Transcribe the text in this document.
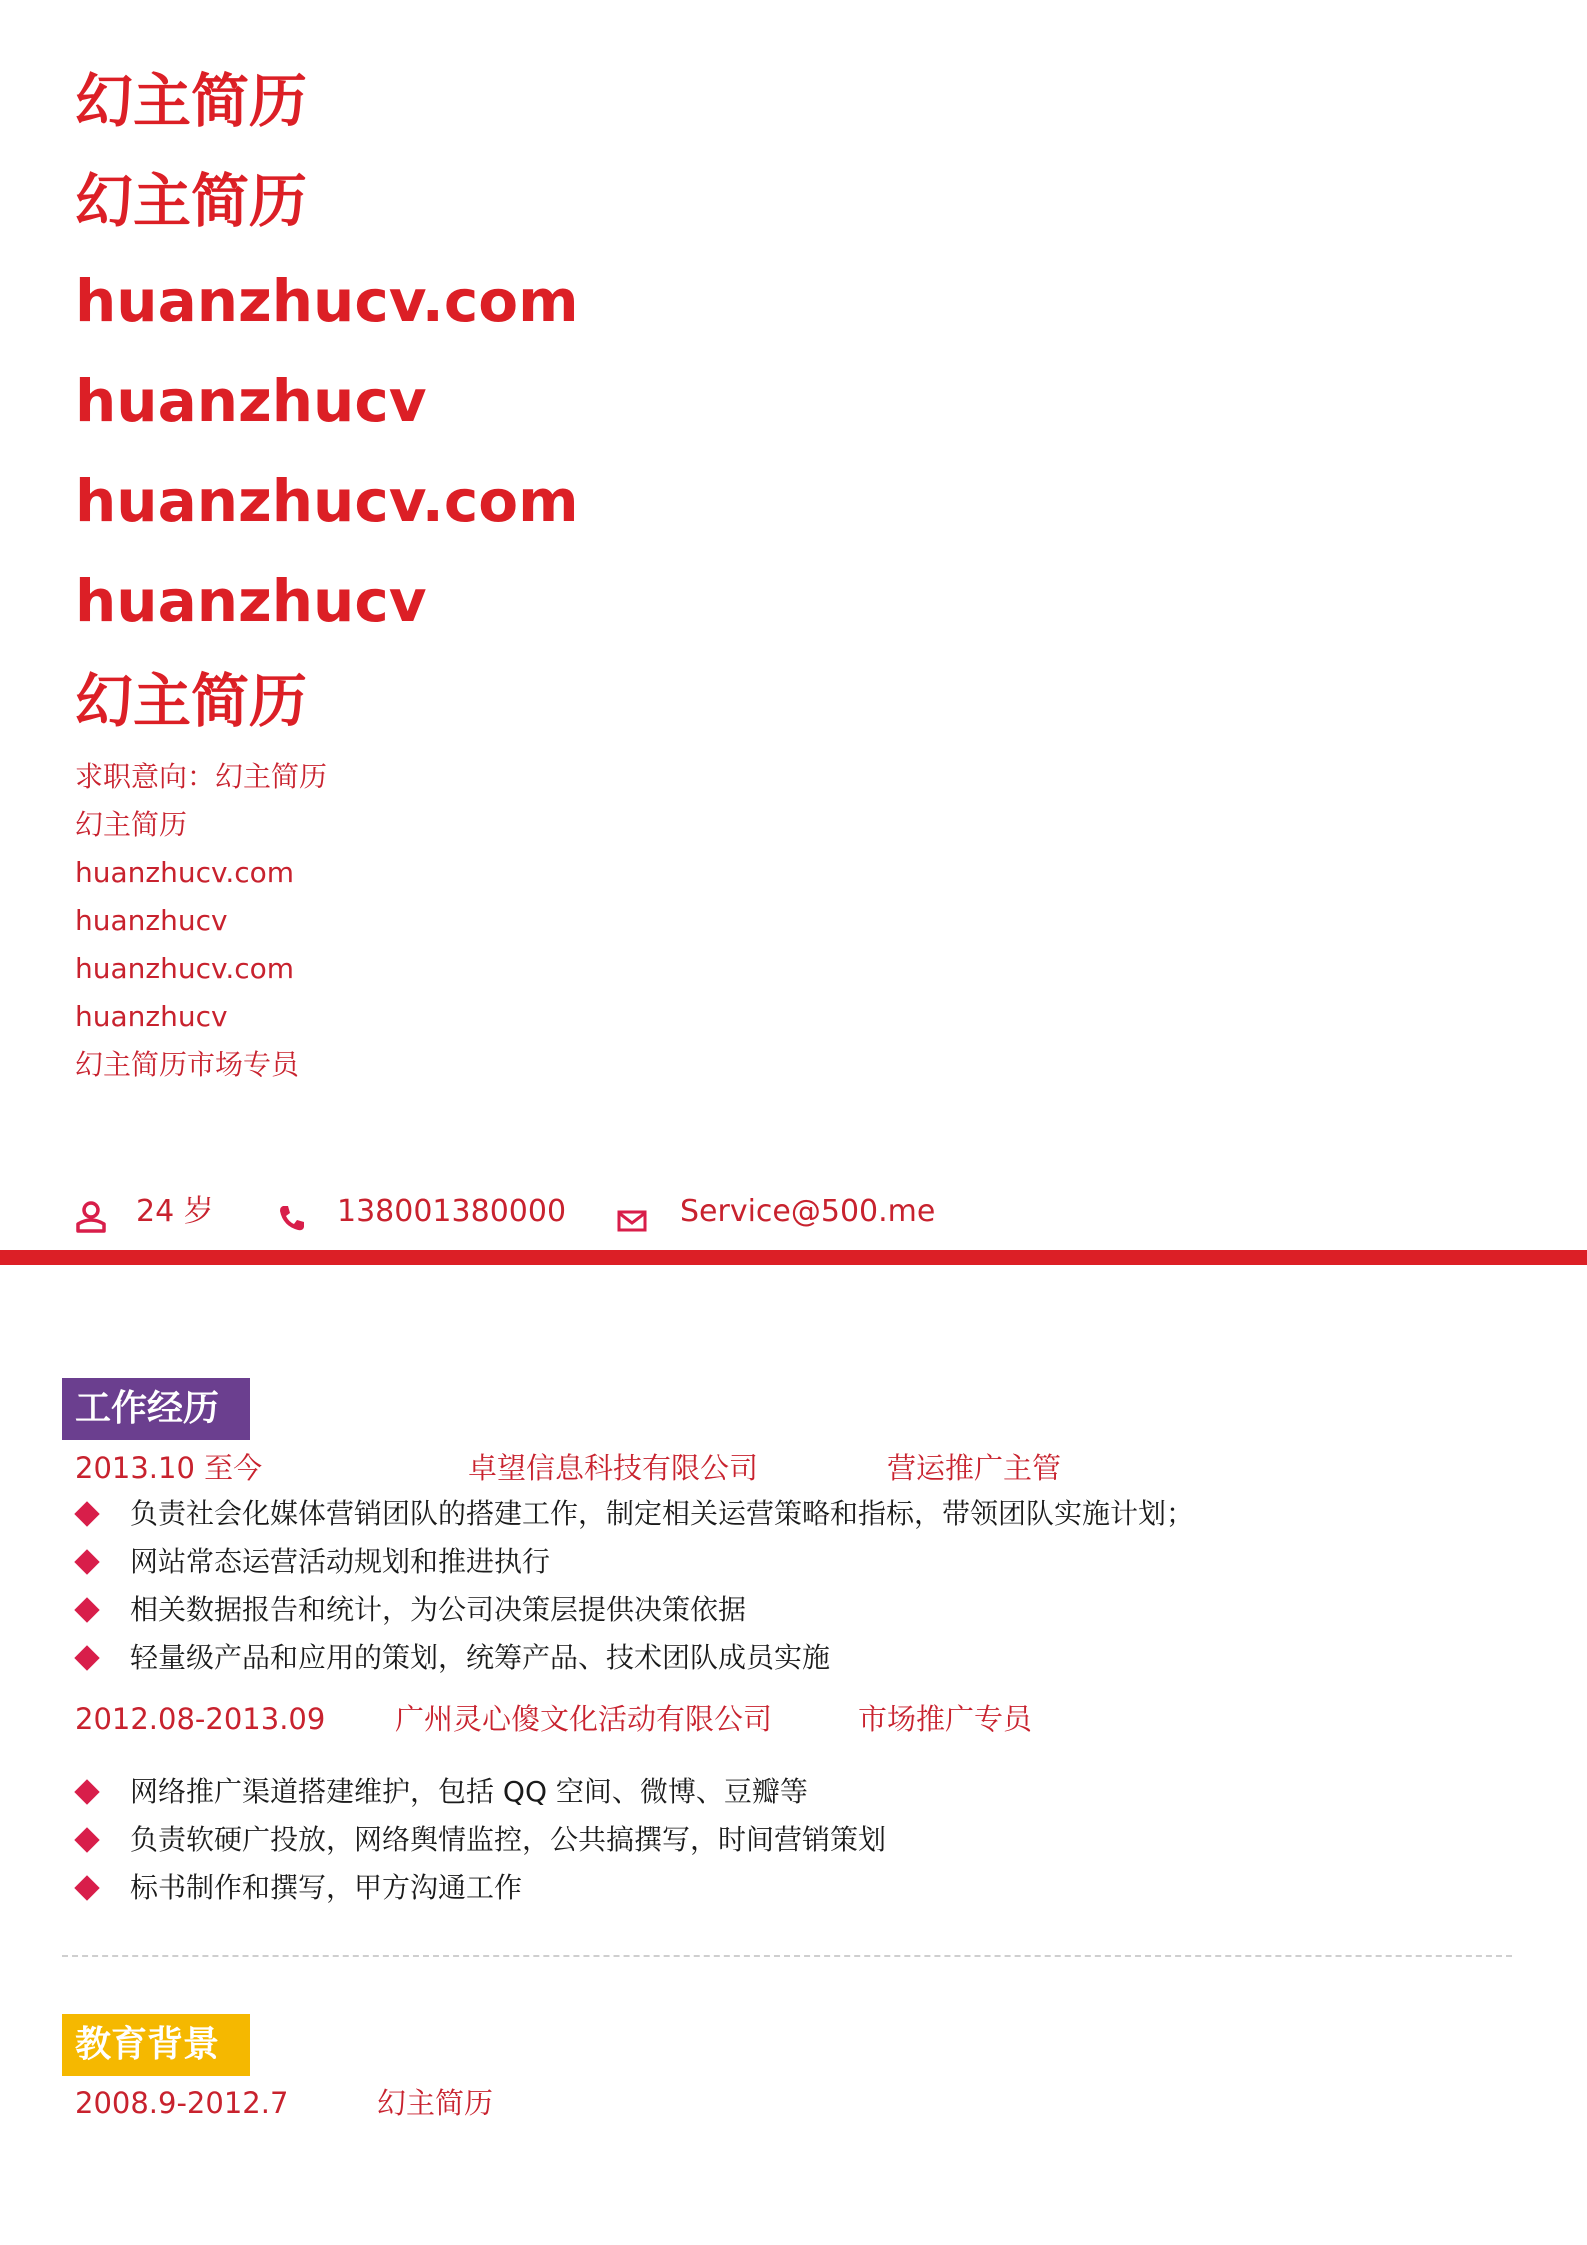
幻主简历
幻主简历
huanzhucv.com
huanzhucv
huanzhucv.com
huanzhucv
幻主简历
求职意向：幻主简历
幻主简历
huanzhucv.com
huanzhucv
huanzhucv.com
huanzhucv
幻主简历市场专员
24 岁	138001380000	Service@500.me
工作经历
2013.10 至今	卓望信息科技有限公司	营运推广主管
负责社会化媒体营销团队的搭建工作，制定相关运营策略和指标，带领团队实施计划；
网站常态运营活动规划和推进执行
相关数据报告和统计，为公司决策层提供决策依据
轻量级产品和应用的策划，统筹产品、技术团队成员实施
2012.08-2013.09 广州灵心傻文化活动有限公司	市场推广专员
网络推广渠道搭建维护，包括 QQ 空间、微博、豆瓣等
负责软硬广投放，网络舆情监控，公共搞撰写，时间营销策划
标书制作和撰写，甲方沟通工作
教育背景
2008.9-2012.7	幻主简历
